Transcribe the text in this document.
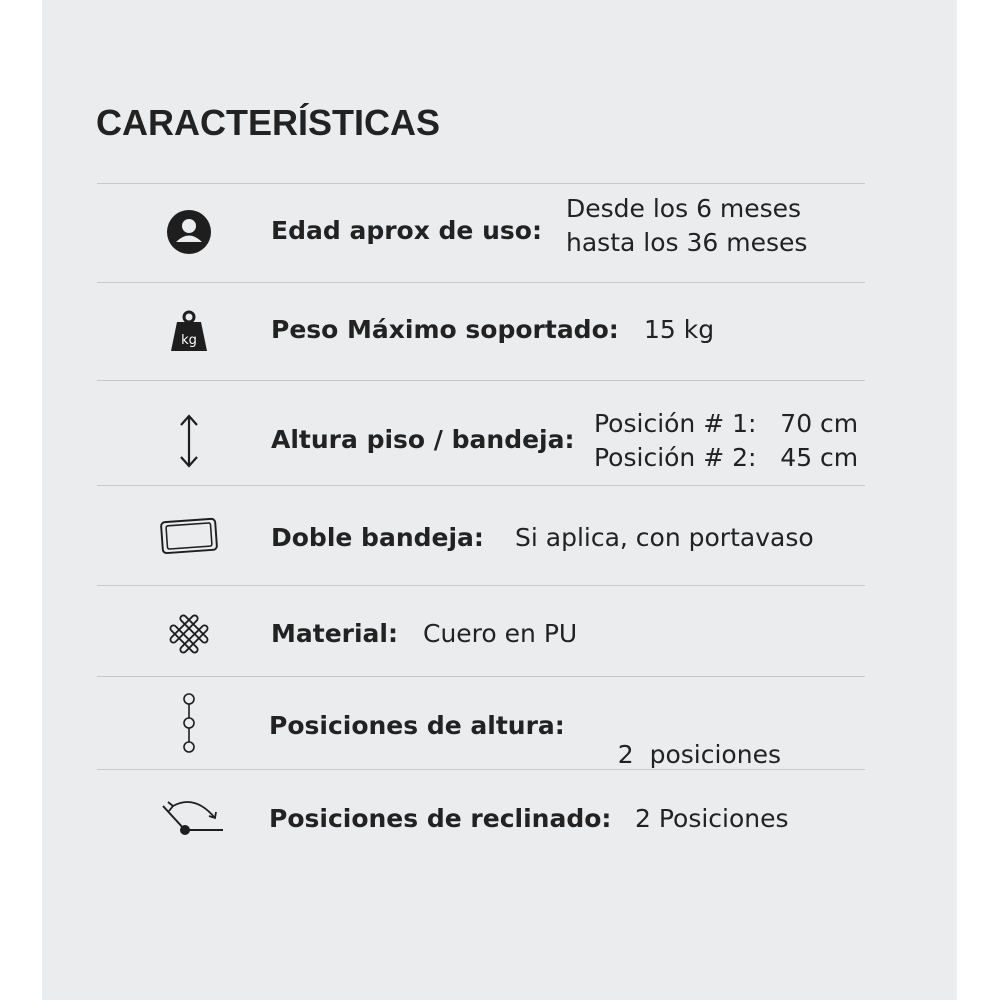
CARACTERÍSTICAS
Edad aprox de uso:
Desde los 6 meses
hasta los 36 meses
kg	Peso Máximo soportado: 15 kg
Altura piso / bandeja:
Posición # 1:   70 cm
Posición # 2:   45 cm
Doble bandeja: Si aplica, con portavaso
Material: Cuero en PU
Posiciones de altura:

2  posiciones

Posiciones de reclinado: 2 Posiciones
